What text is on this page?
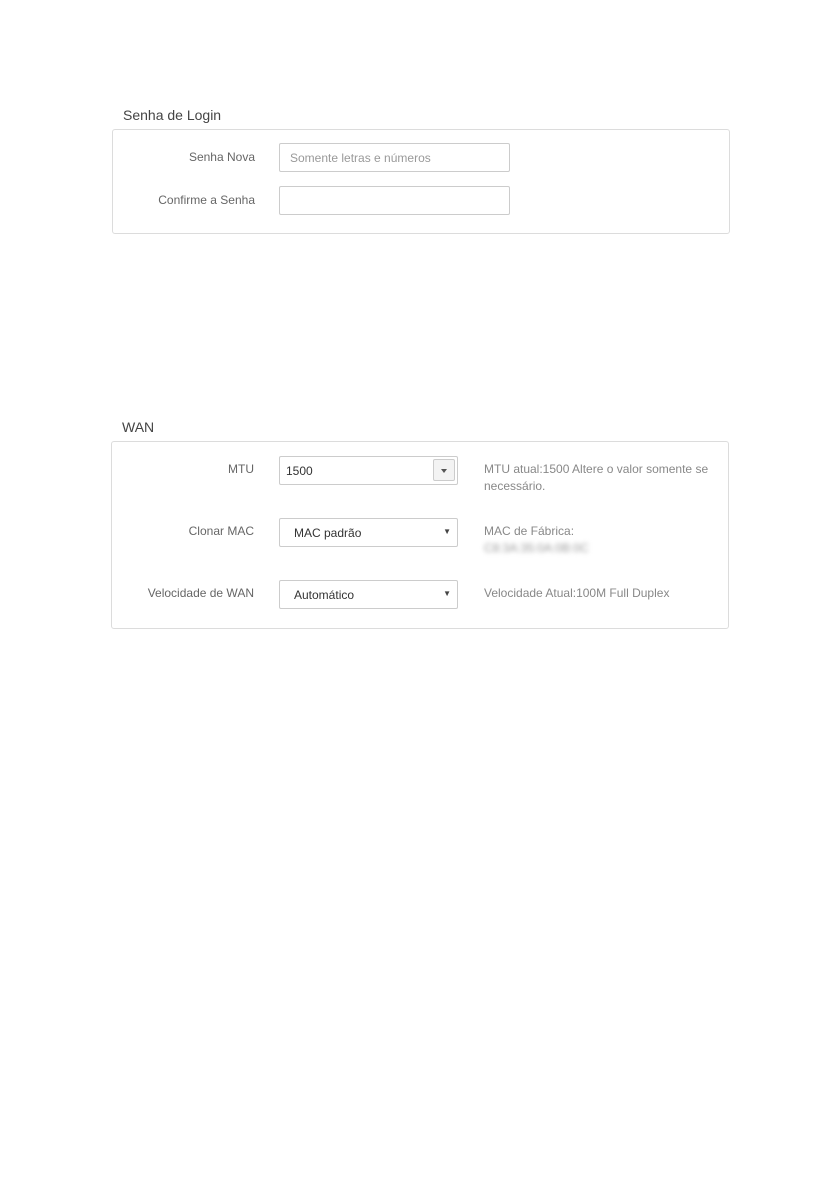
Senha de Login
Senha Nova
Confirme a Senha
WAN
MTU	1500	MTU atual:1500 Altere o valor somente se necessário.
Clonar MAC	MAC padrão	▼	MAC de Fábrica:
C8:3A:35:0A:0B:0C
Velocidade de WAN	Automático	▼	Velocidade Atual:100M Full Duplex
